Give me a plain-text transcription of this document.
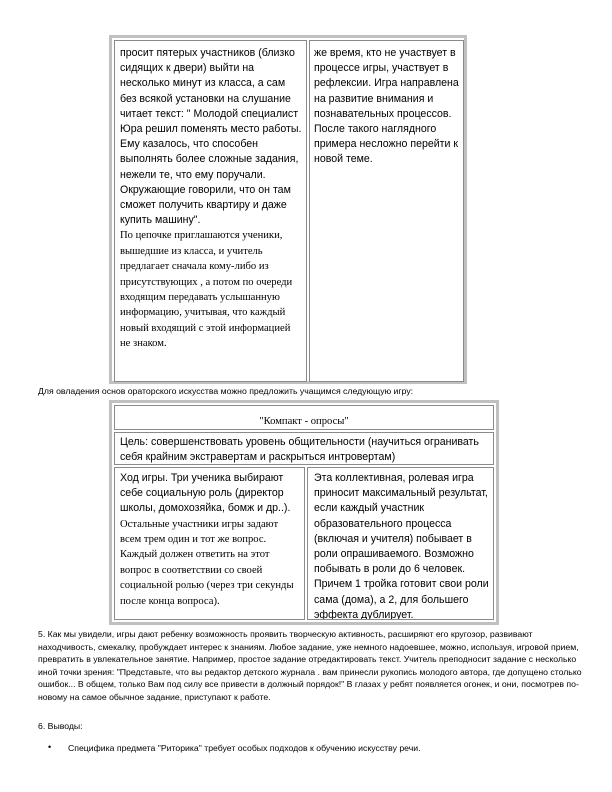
просит пятерых участников (близко сидящих к двери) выйти на несколько минут из класса, а сам без всякой установки на слушание читает текст: " Молодой специалист Юра решил поменять место работы. Ему казалось, что способен выполнять более сложные задания, нежели те, что ему поручали. Окружающие говорили, что он там сможет получить квартиру и даже купить машину".

По цепочке приглашаются ученики, вышедшие из класса, и учитель предлагает сначала кому-либо из присутствующих , а потом по очереди входящим передавать услышанную информацию, учитывая, что каждый новый входящий с этой информацией не знаком.

же время, кто не участвует в процессе игры, участвует в рефлексии. Игра направлена на развитие внимания и познавательных процессов. После такого наглядного примера несложно перейти к новой теме.

Для овладения основ ораторского искусства можно предложить учащимся следующую игру:
"Компакт - опросы"

Цель: совершенствовать уровень общительности (научиться огранивать себя крайним экстравертам и раскрыться интровертам)

Ход игры. Три ученика выбирают себе социальную роль (директор школы, домохозяйка, бомж и др..).

Остальные участники игры задают всем трем один и тот же вопрос. Каждый должен ответить на этот вопрос в соответствии со своей социальной ролью (через три секунды после конца вопроса).

Эта коллективная, ролевая игра приносит максимальный результат, если каждый участник образовательного процесса (включая и учителя) побывает в роли опрашиваемого. Возможно побывать в роли до 6 человек. Причем 1 тройка готовит свои роли сама (дома), а 2, для большего эффекта дублирует.

5. Как мы увидели, игры дают ребенку возможность проявить творческую активность, расширяют его кругозор, развивают находчивость, смекалку, пробуждает интерес к знаниям. Любое задание, уже немного надоевшее, можно, используя, игровой прием, превратить в увлекательное занятие. Например, простое задание отредактировать текст. Учитель преподносит задание с несколько иной точки зрения: "Представьте, что вы редактор детского журнала . вам принесли рукопись молодого автора, где допущено столько ошибок... В общем, только Вам под силу все привести в должный порядок!" В глазах у ребят появляется огонек, и они, посмотрев по-новому на самое обычное задание, приступают к работе.
6. Выводы:
• Специфика предмета "Риторика" требует особых подходов к обучению искусству речи.
